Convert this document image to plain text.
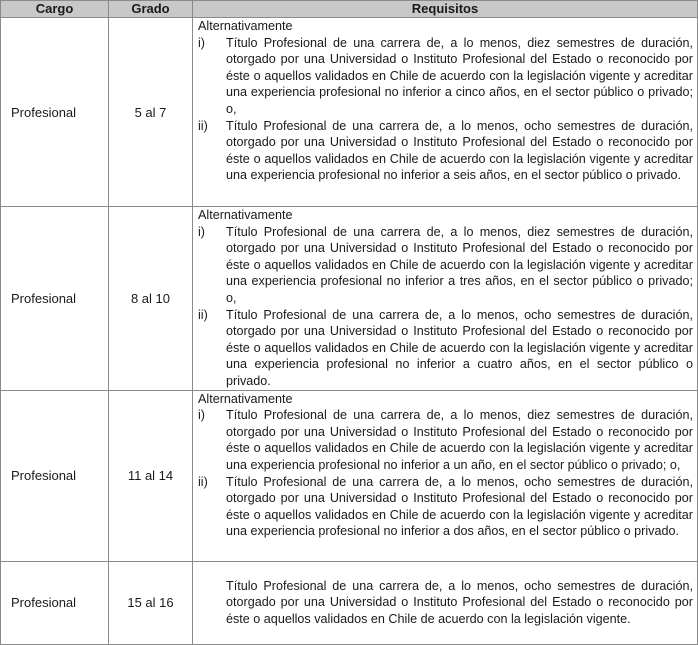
Cargo	Grado	Requisitos
Profesional	5 al 7	Alternativamente
i) Título Profesional de una carrera de, a lo menos, diez semestres de duración, otorgado por una Universidad o Instituto Profesional del Estado o reconocido por éste o aquellos validados en Chile de acuerdo con la legislación vigente y acreditar una experiencia profesional no inferior a cinco años, en el sector público o privado; o,
ii) Título Profesional de una carrera de, a lo menos, ocho semestres de duración, otorgado por una Universidad o Instituto Profesional del Estado o reconocido por éste o aquellos validados en Chile de acuerdo con la legislación vigente y acreditar una experiencia profesional no inferior a seis años, en el sector público o privado.

Profesional	8 al 10	Alternativamente
i) Título Profesional de una carrera de, a lo menos, diez semestres de duración, otorgado por una Universidad o Instituto Profesional del Estado o reconocido por éste o aquellos validados en Chile de acuerdo con la legislación vigente y acreditar una experiencia profesional no inferior a tres años, en el sector público o privado; o,
ii) Título Profesional de una carrera de, a lo menos, ocho semestres de duración, otorgado por una Universidad o Instituto Profesional del Estado o reconocido por éste o aquellos validados en Chile de acuerdo con la legislación vigente y acreditar una experiencia profesional no inferior a cuatro años, en el sector público o privado.

Profesional	11 al 14	Alternativamente
i) Título Profesional de una carrera de, a lo menos, diez semestres de duración, otorgado por una Universidad o Instituto Profesional del Estado o reconocido por éste o aquellos validados en Chile de acuerdo con la legislación vigente y acreditar una experiencia profesional no inferior a un año, en el sector público o privado; o,
ii) Título Profesional de una carrera de, a lo menos, ocho semestres de duración, otorgado por una Universidad o Instituto Profesional del Estado o reconocido por éste o aquellos validados en Chile de acuerdo con la legislación vigente y acreditar una experiencia profesional no inferior a dos años, en el sector público o privado.

Profesional	15 al 16	Título Profesional de una carrera de, a lo menos, ocho semestres de duración, otorgado por una Universidad o Instituto Profesional del Estado o reconocido por éste o aquellos validados en Chile de acuerdo con la legislación vigente.
